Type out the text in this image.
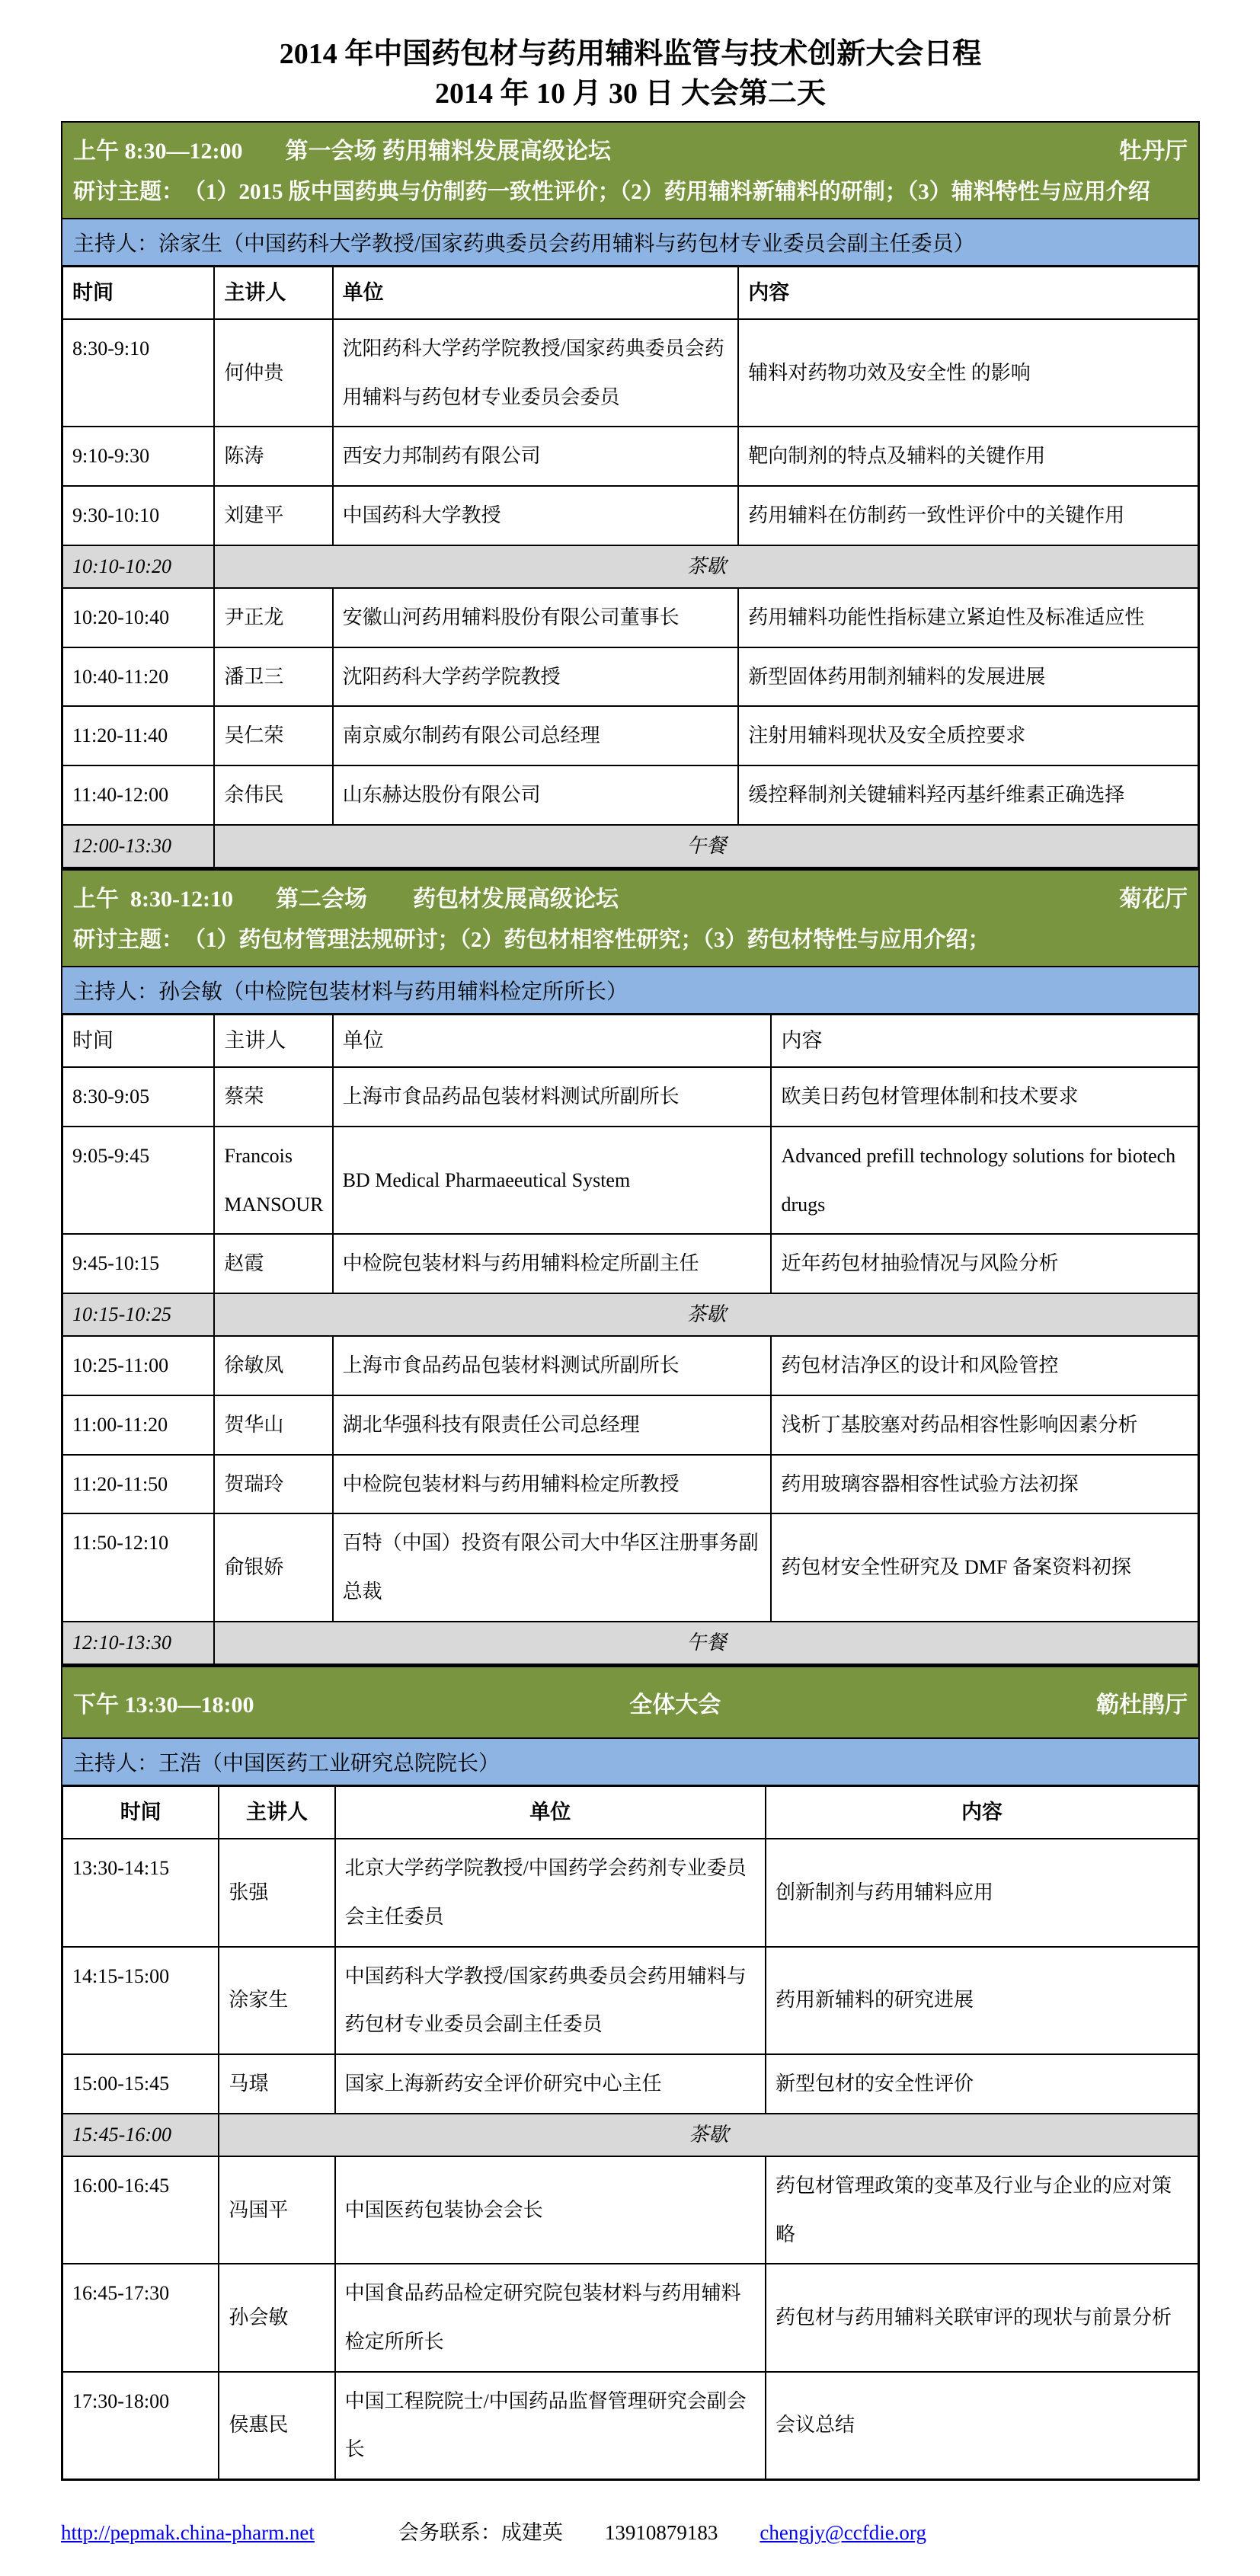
2014 年中国药包材与药用辅料监管与技术创新大会日程
2014 年 10 月 30 日 大会第二天
上午 8:30—12:00 第一会场 药用辅料发展高级论坛	牡丹厅
研讨主题：　（1）2015 版中国药典与仿制药一致性评价；（2）药用辅料新辅料的研制；（3）辅料特性与应用介绍
主持人：涂家生（中国药科大学教授/国家药典委员会药用辅料与药包材专业委员会副主任委员）
时间	主讲人	单位	内容
8:30-9:10	何仲贵	沈阳药科大学药学院教授/国家药典委员会药用辅料与药包材专业委员会委员	辅料对药物功效及安全性 的影响
9:10-9:30	陈涛	西安力邦制药有限公司	靶向制剂的特点及辅料的关键作用
9:30-10:10	刘建平	中国药科大学教授	药用辅料在仿制药一致性评价中的关键作用
10:10-10:20	茶歇		
10:20-10:40	尹正龙	安徽山河药用辅料股份有限公司董事长	药用辅料功能性指标建立紧迫性及标准适应性
10:40-11:20	潘卫三	沈阳药科大学药学院教授	新型固体药用制剂辅料的发展进展
11:20-11:40	吴仁荣	南京威尔制药有限公司总经理	注射用辅料现状及安全质控要求
11:40-12:00	余伟民	山东赫达股份有限公司	缓控释制剂关键辅料羟丙基纤维素正确选择
12:00-13:30	午餐		
上午  8:30-12:10 第二会场　　药包材发展高级论坛	菊花厅
研讨主题：　（1）药包材管理法规研讨；（2）药包材相容性研究；（3）药包材特性与应用介绍；
主持人：孙会敏（中检院包装材料与药用辅料检定所所长）
时间	主讲人	单位	内容
8:30-9:05	蔡荣	上海市食品药品包装材料测试所副所长	欧美日药包材管理体制和技术要求
9:05-9:45	Francois MANSOUR	BD Medical Pharmaeeutical System	Advanced prefill technology solutions for biotech drugs
9:45-10:15	赵霞	中检院包装材料与药用辅料检定所副主任	近年药包材抽验情况与风险分析
10:15-10:25	茶歇		
10:25-11:00	徐敏凤	上海市食品药品包装材料测试所副所长	药包材洁净区的设计和风险管控
11:00-11:20	贺华山	湖北华强科技有限责任公司总经理	浅析丁基胶塞对药品相容性影响因素分析
11:20-11:50	贺瑞玲	中检院包装材料与药用辅料检定所教授	药用玻璃容器相容性试验方法初探
11:50-12:10	俞银娇	百特（中国）投资有限公司大中华区注册事务副总裁	药包材安全性研究及 DMF 备案资料初探
12:10-13:30	午餐		
下午 13:30—18:00	全体大会	簕杜鹃厅
主持人：王浩（中国医药工业研究总院院长）
时间	主讲人	单位	内容
13:30-14:15	张强	北京大学药学院教授/中国药学会药剂专业委员会主任委员	创新制剂与药用辅料应用
14:15-15:00	涂家生	中国药科大学教授/国家药典委员会药用辅料与药包材专业委员会副主任委员	药用新辅料的研究进展
15:00-15:45	马璟	国家上海新药安全评价研究中心主任	新型包材的安全性评价
15:45-16:00	茶歇		
16:00-16:45	冯国平	中国医药包装协会会长	药包材管理政策的变革及行业与企业的应对策略
16:45-17:30	孙会敏	中国食品药品检定研究院包装材料与药用辅料检定所所长	药包材与药用辅料关联审评的现状与前景分析
17:30-18:00	侯惠民	中国工程院院士/中国药品监督管理研究会副会长	会议总结
http://pepmak.china-pharm.net	会务联系：成建英 13910879183 chengjy@ccfdie.org
